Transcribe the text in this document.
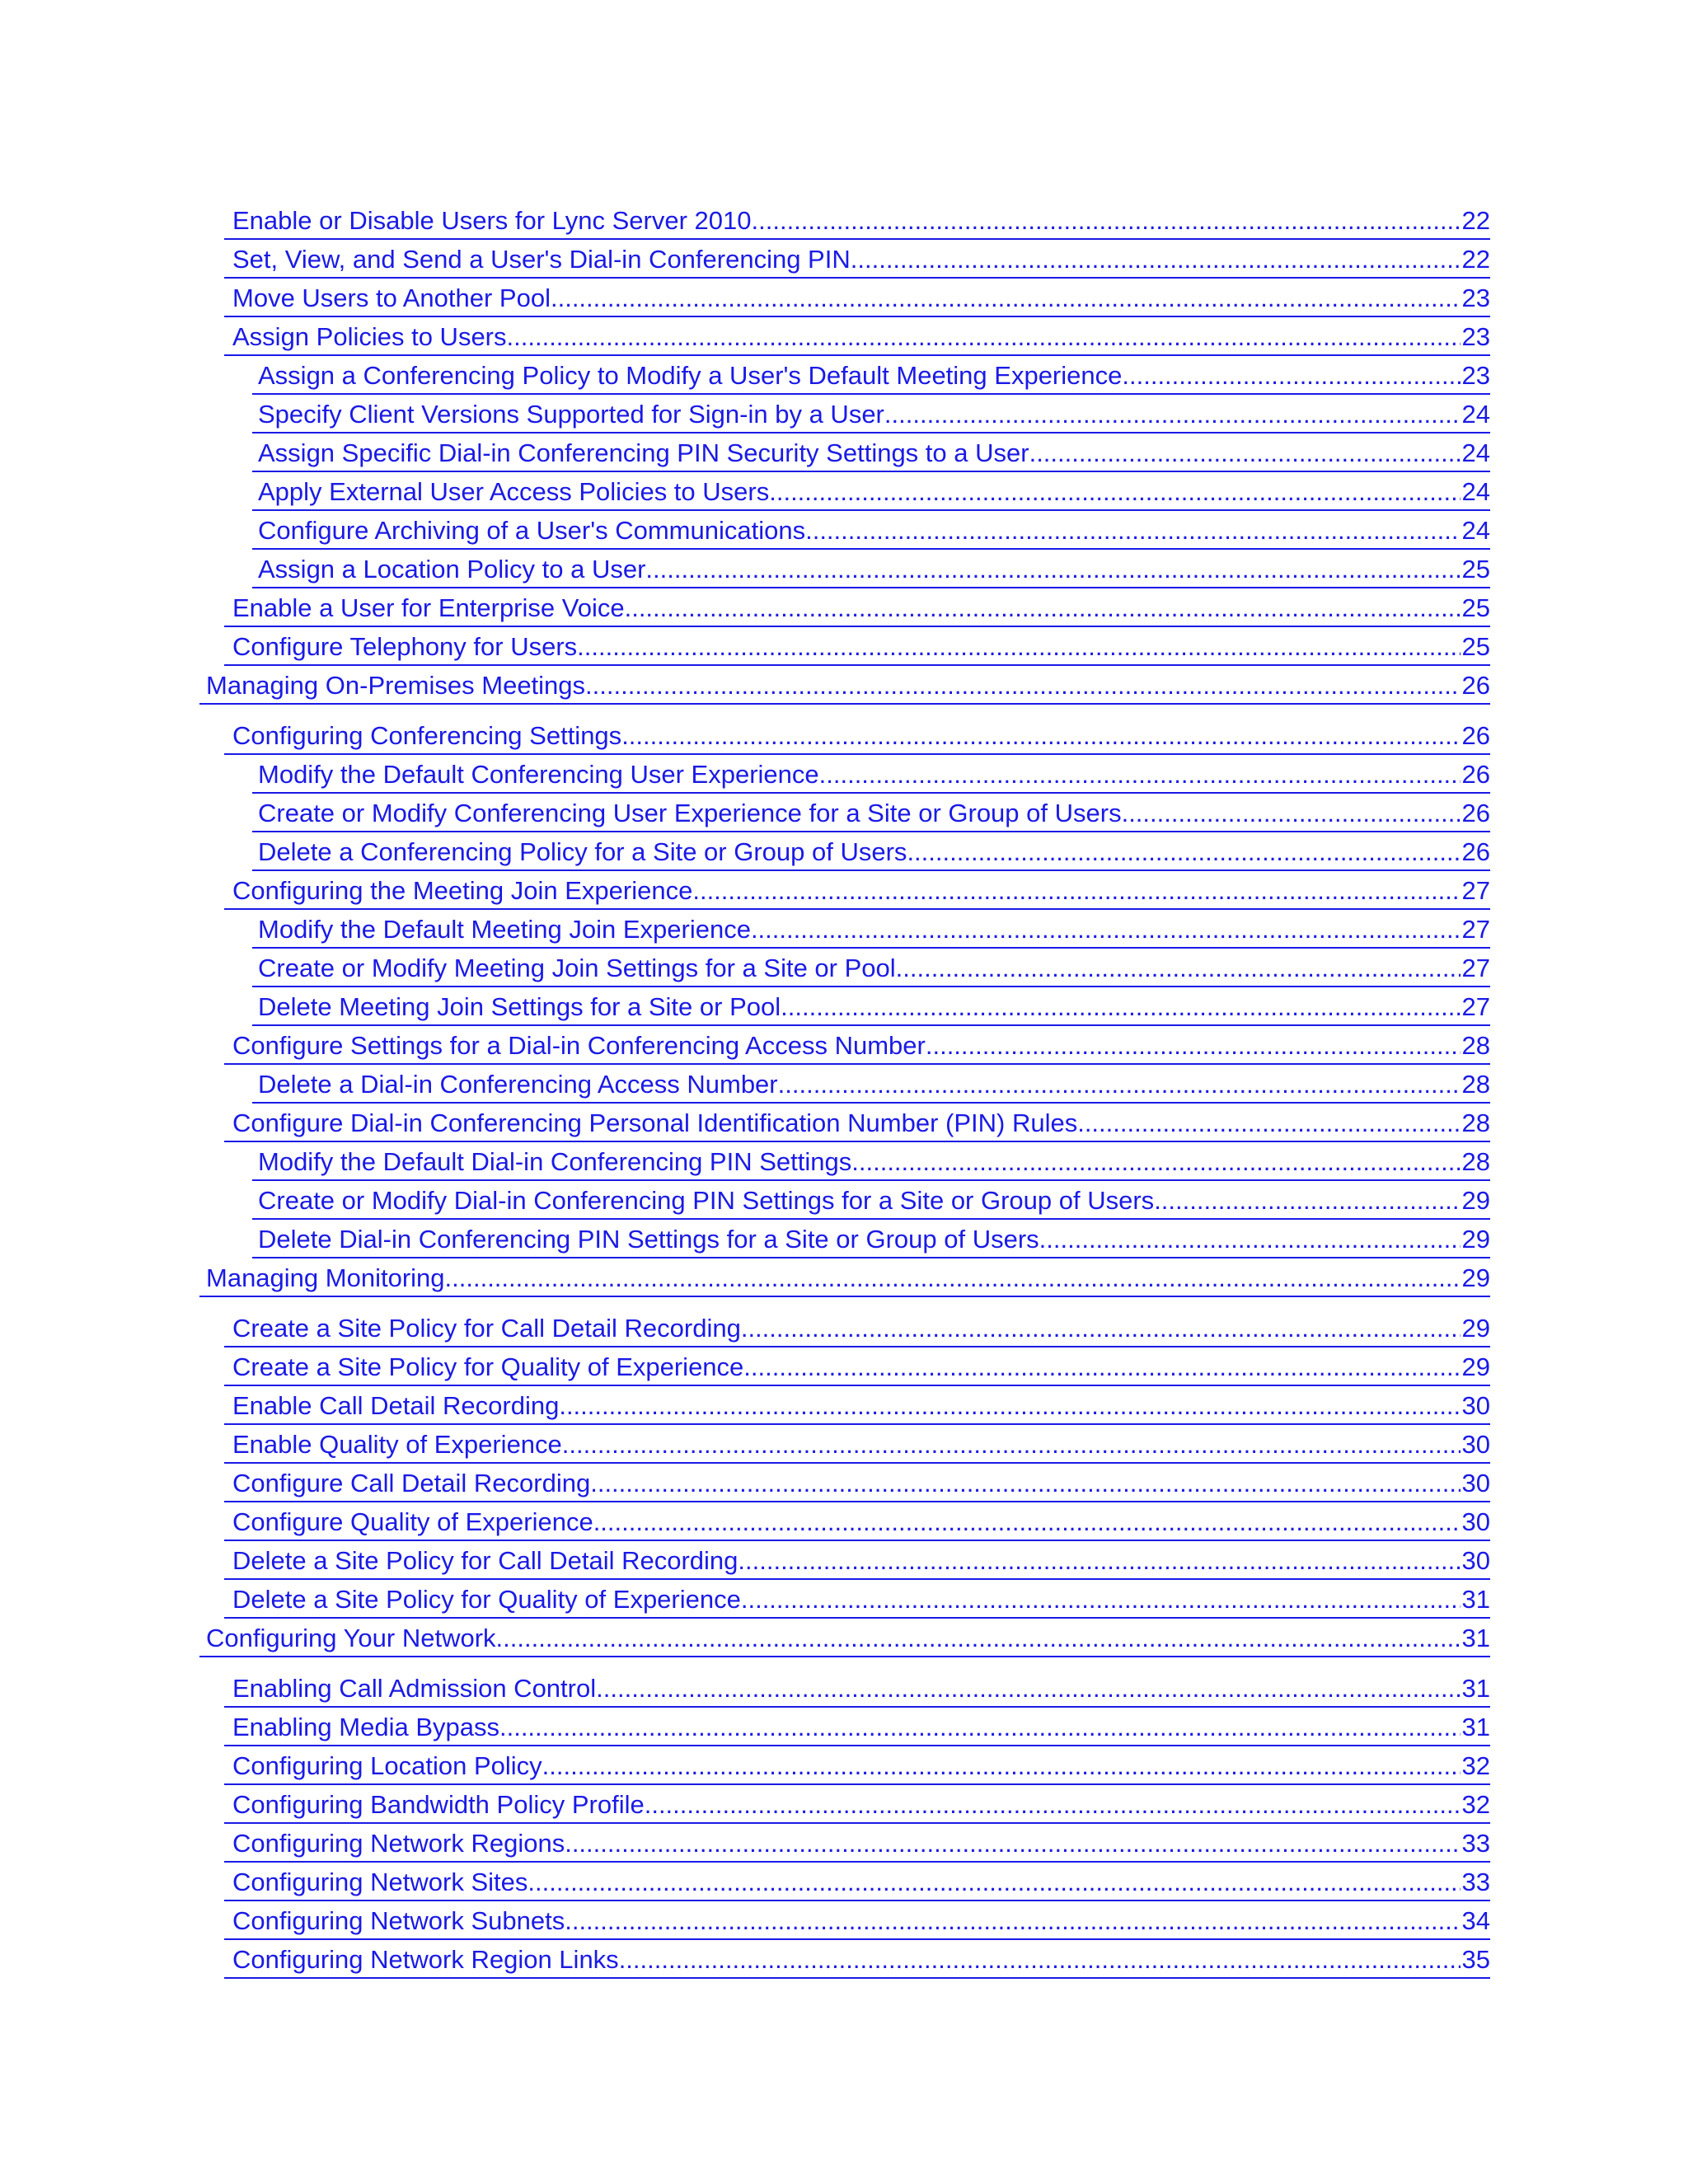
Enable or Disable Users for Lync Server 2010 .....	22
Set, View, and Send a User's Dial-in Conferencing PIN .....	22
Move Users to Another Pool .....	23
Assign Policies to Users .....	23
Assign a Conferencing Policy to Modify a User's Default Meeting Experience .....	23
Specify Client Versions Supported for Sign-in by a User .....	24
Assign Specific Dial-in Conferencing PIN Security Settings to a User .....	24
Apply External User Access Policies to Users .....	24
Configure Archiving of a User's Communications .....	24
Assign a Location Policy to a User .....	25
Enable a User for Enterprise Voice .....	25
Configure Telephony for Users .....	25
Managing On-Premises Meetings .....	26
Configuring Conferencing Settings .....	26
Modify the Default Conferencing User Experience .....	26
Create or Modify Conferencing User Experience for a Site or Group of Users .....	26
Delete a Conferencing Policy for a Site or Group of Users .....	26
Configuring the Meeting Join Experience .....	27
Modify the Default Meeting Join Experience .....	27
Create or Modify Meeting Join Settings for a Site or Pool .....	27
Delete Meeting Join Settings for a Site or Pool .....	27
Configure Settings for a Dial-in Conferencing Access Number .....	28
Delete a Dial-in Conferencing Access Number .....	28
Configure Dial-in Conferencing Personal Identification Number (PIN) Rules .....	28
Modify the Default Dial-in Conferencing PIN Settings .....	28
Create or Modify Dial-in Conferencing PIN Settings for a Site or Group of Users .....	29
Delete Dial-in Conferencing PIN Settings for a Site or Group of Users .....	29
Managing Monitoring .....	29
Create a Site Policy for Call Detail Recording .....	29
Create a Site Policy for Quality of Experience .....	29
Enable Call Detail Recording .....	30
Enable Quality of Experience .....	30
Configure Call Detail Recording .....	30
Configure Quality of Experience .....	30
Delete a Site Policy for Call Detail Recording .....	30
Delete a Site Policy for Quality of Experience .....	31
Configuring Your Network .....	31
Enabling Call Admission Control .....	31
Enabling Media Bypass .....	31
Configuring Location Policy .....	32
Configuring Bandwidth Policy Profile .....	32
Configuring Network Regions .....	33
Configuring Network Sites .....	33
Configuring Network Subnets .....	34
Configuring Network Region Links .....	35
